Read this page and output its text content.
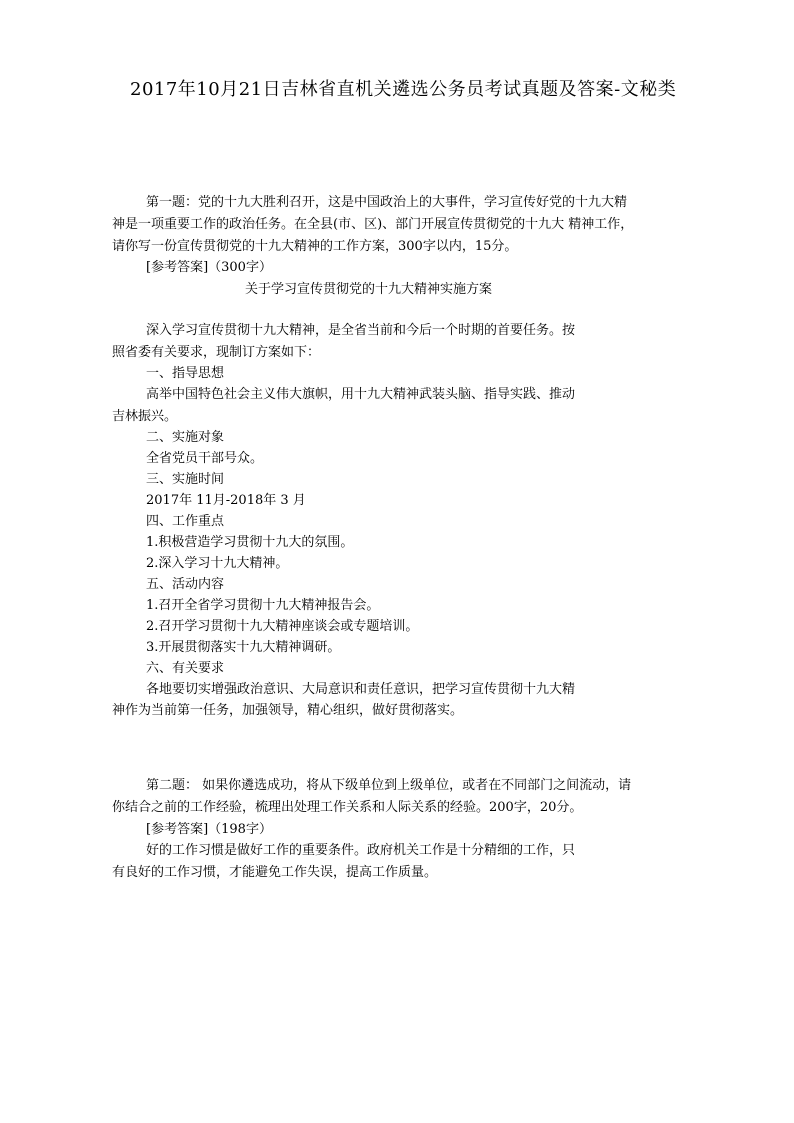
2017年10月21日吉林省直机关遴选公务员考试真题及答案-文秘类
第一题：党的十九大胜利召开，这是中国政治上的大事件，学习宣传好党的十九大精
神是一项重要工作的政治任务。在全县(市、区)、部门开展宣传贯彻党的十九大 精神工作，
请你写一份宣传贯彻党的十九大精神的工作方案，300字以内，15分。
[参考答案]（300字）
关于学习宣传贯彻党的十九大精神实施方案
深入学习宣传贯彻十九大精神，是全省当前和今后一个时期的首要任务。按
照省委有关要求，现制订方案如下：
一、指导思想
高举中国特色社会主义伟大旗帜，用十九大精神武装头脑、指导实践、推动
吉林振兴。
二、实施对象
全省党员干部号众。
三、实施时间
2017年 11月-2018年 3 月
四、工作重点
1.积极营造学习贯彻十九大的氛围。
2.深入学习十九大精神。
五、活动内容
1.召开全省学习贯彻十九大精神报告会。
2.召开学习贯彻十九大精神座谈会或专题培训。
3.开展贯彻落实十九大精神调研。
六、有关要求
各地要切实增强政治意识、大局意识和责任意识，把学习宣传贯彻十九大精
神作为当前第一任务，加强领导，精心组织，做好贯彻落实。
第二题： 如果你遴选成功，将从下级单位到上级单位，或者在不同部门之间流动，请
你结合之前的工作经验，梳理出处理工作关系和人际关系的经验。200字，20分。
[参考答案]（198字）
好的工作习惯是做好工作的重要条件。政府机关工作是十分精细的工作，只
有良好的工作习惯，才能避免工作失误，提高工作质量。
